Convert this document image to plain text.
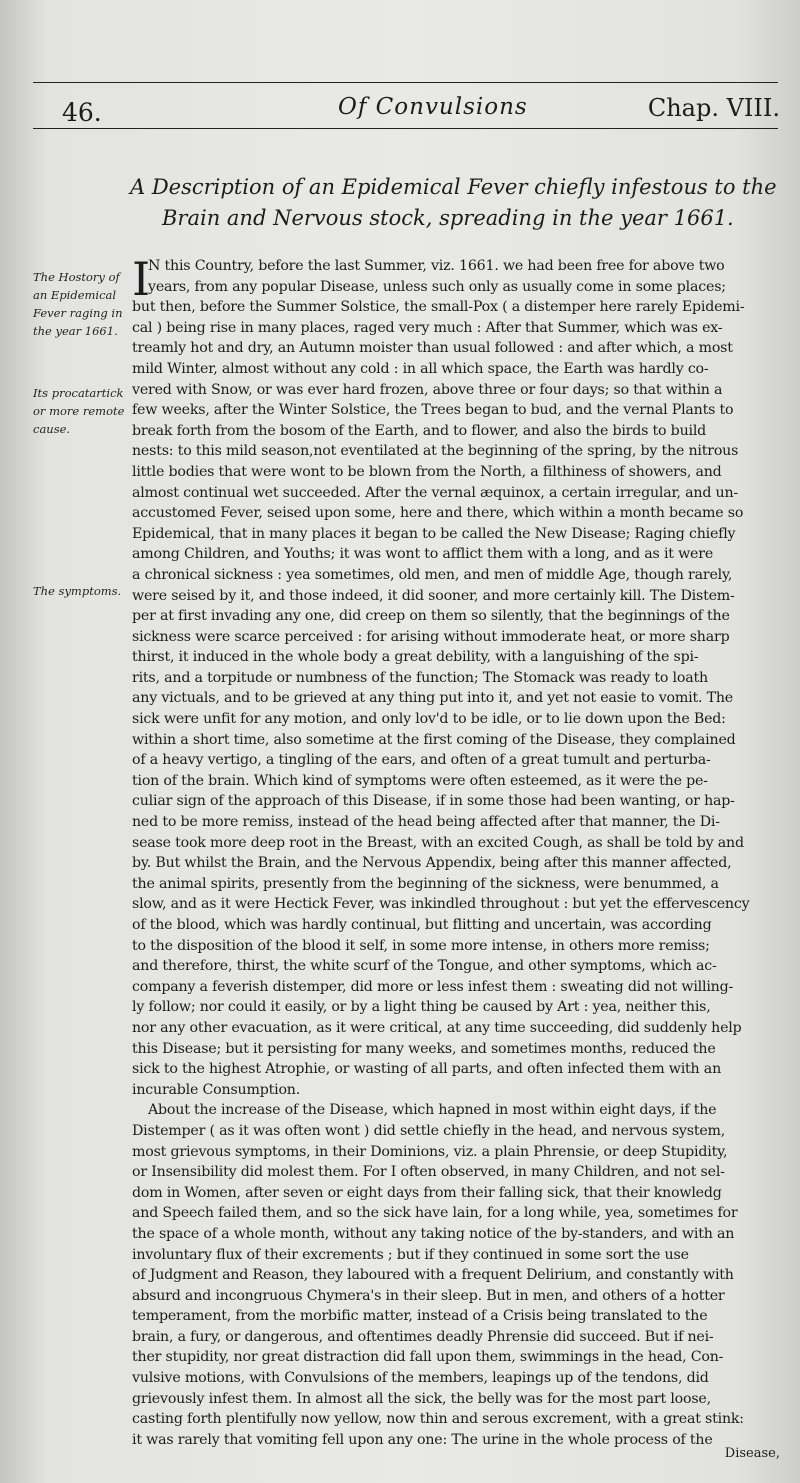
46.	Of Convulsions	Chap. VIII.
A Description of an Epidemical Fever chiefly infestous to the
Brain and Nervous stock, spreading in the year 1661.
The Hostory of an Epidemical Fever raging in the year 1661.
Its procatartick or more remote cause.
The symptoms.
I
N this Country, before the last Summer, viz. 1661. we had been free for above two
years, from any popular Disease, unless such only as usually come in some places;
but then, before the Summer Solstice, the small-Pox ( a distemper here rarely Epidemi-
cal ) being rise in many places, raged very much : After that Summer, which was ex-
treamly hot and dry, an Autumn moister than usual followed : and after which, a most
mild Winter, almost without any cold : in all which space, the Earth was hardly co-
vered with Snow, or was ever hard frozen, above three or four days; so that within a
few weeks, after the Winter Solstice, the Trees began to bud, and the vernal Plants to
break forth from the bosom of the Earth, and to flower, and also the birds to build
nests: to this mild season,not eventilated at the beginning of the spring, by the nitrous
little bodies that were wont to be blown from the North, a filthiness of showers, and
almost continual wet succeeded. After the vernal æquinox, a certain irregular, and un-
accustomed Fever, seised upon some, here and there, which within a month became so
Epidemical, that in many places it began to be called the New Disease; Raging chiefly
among Children, and Youths; it was wont to afflict them with a long, and as it were
a chronical sickness : yea sometimes, old men, and men of middle Age, though rarely,
were seised by it, and those indeed, it did sooner, and more certainly kill. The Distem-
per at first invading any one, did creep on them so silently, that the beginnings of the
sickness were scarce perceived : for arising without immoderate heat, or more sharp
thirst, it induced in the whole body a great debility, with a languishing of the spi-
rits, and a torpitude or numbness of the function; The Stomack was ready to loath
any victuals, and to be grieved at any thing put into it, and yet not easie to vomit. The
sick were unfit for any motion, and only lov'd to be idle, or to lie down upon the Bed:
within a short time, also sometime at the first coming of the Disease, they complained
of a heavy vertigo, a tingling of the ears, and often of a great tumult and perturba-
tion of the brain. Which kind of symptoms were often esteemed, as it were the pe-
culiar sign of the approach of this Disease, if in some those had been wanting, or hap-
ned to be more remiss, instead of the head being affected after that manner, the Di-
sease took more deep root in the Breast, with an excited Cough, as shall be told by and
by. But whilst the Brain, and the Nervous Appendix, being after this manner affected,
the animal spirits, presently from the beginning of the sickness, were benummed, a
slow, and as it were Hectick Fever, was inkindled throughout : but yet the effervescency
of the blood, which was hardly continual, but flitting and uncertain, was according
to the disposition of the blood it self, in some more intense, in others more remiss;
and therefore, thirst, the white scurf of the Tongue, and other symptoms, which ac-
company a feverish distemper, did more or less infest them : sweating did not willing-
ly follow; nor could it easily, or by a light thing be caused by Art : yea, neither this,
nor any other evacuation, as it were critical, at any time succeeding, did suddenly help
this Disease; but it persisting for many weeks, and sometimes months, reduced the
sick to the highest Atrophie, or wasting of all parts, and often infected them with an
incurable Consumption.
About the increase of the Disease, which hapned in most within eight days, if the
Distemper ( as it was often wont ) did settle chiefly in the head, and nervous system,
most grievous symptoms, in their Dominions, viz. a plain Phrensie, or deep Stupidity,
or Insensibility did molest them. For I often observed, in many Children, and not sel-
dom in Women, after seven or eight days from their falling sick, that their knowledg
and Speech failed them, and so the sick have lain, for a long while, yea, sometimes for
the space of a whole month, without any taking notice of the by-standers, and with an
involuntary flux of their excrements ; but if they continued in some sort the use
of Judgment and Reason, they laboured with a frequent Delirium, and constantly with
absurd and incongruous Chymera's in their sleep. But in men, and others of a hotter
temperament, from the morbific matter, instead of a Crisis being translated to the
brain, a fury, or dangerous, and oftentimes deadly Phrensie did succeed. But if nei-
ther stupidity, nor great distraction did fall upon them, swimmings in the head, Con-
vulsive motions, with Convulsions of the members, leapings up of the tendons, did
grievously infest them. In almost all the sick, the belly was for the most part loose,
casting forth plentifully now yellow, now thin and serous excrement, with a great stink:
it was rarely that vomiting fell upon any one: The urine in the whole process of the
Disease,
